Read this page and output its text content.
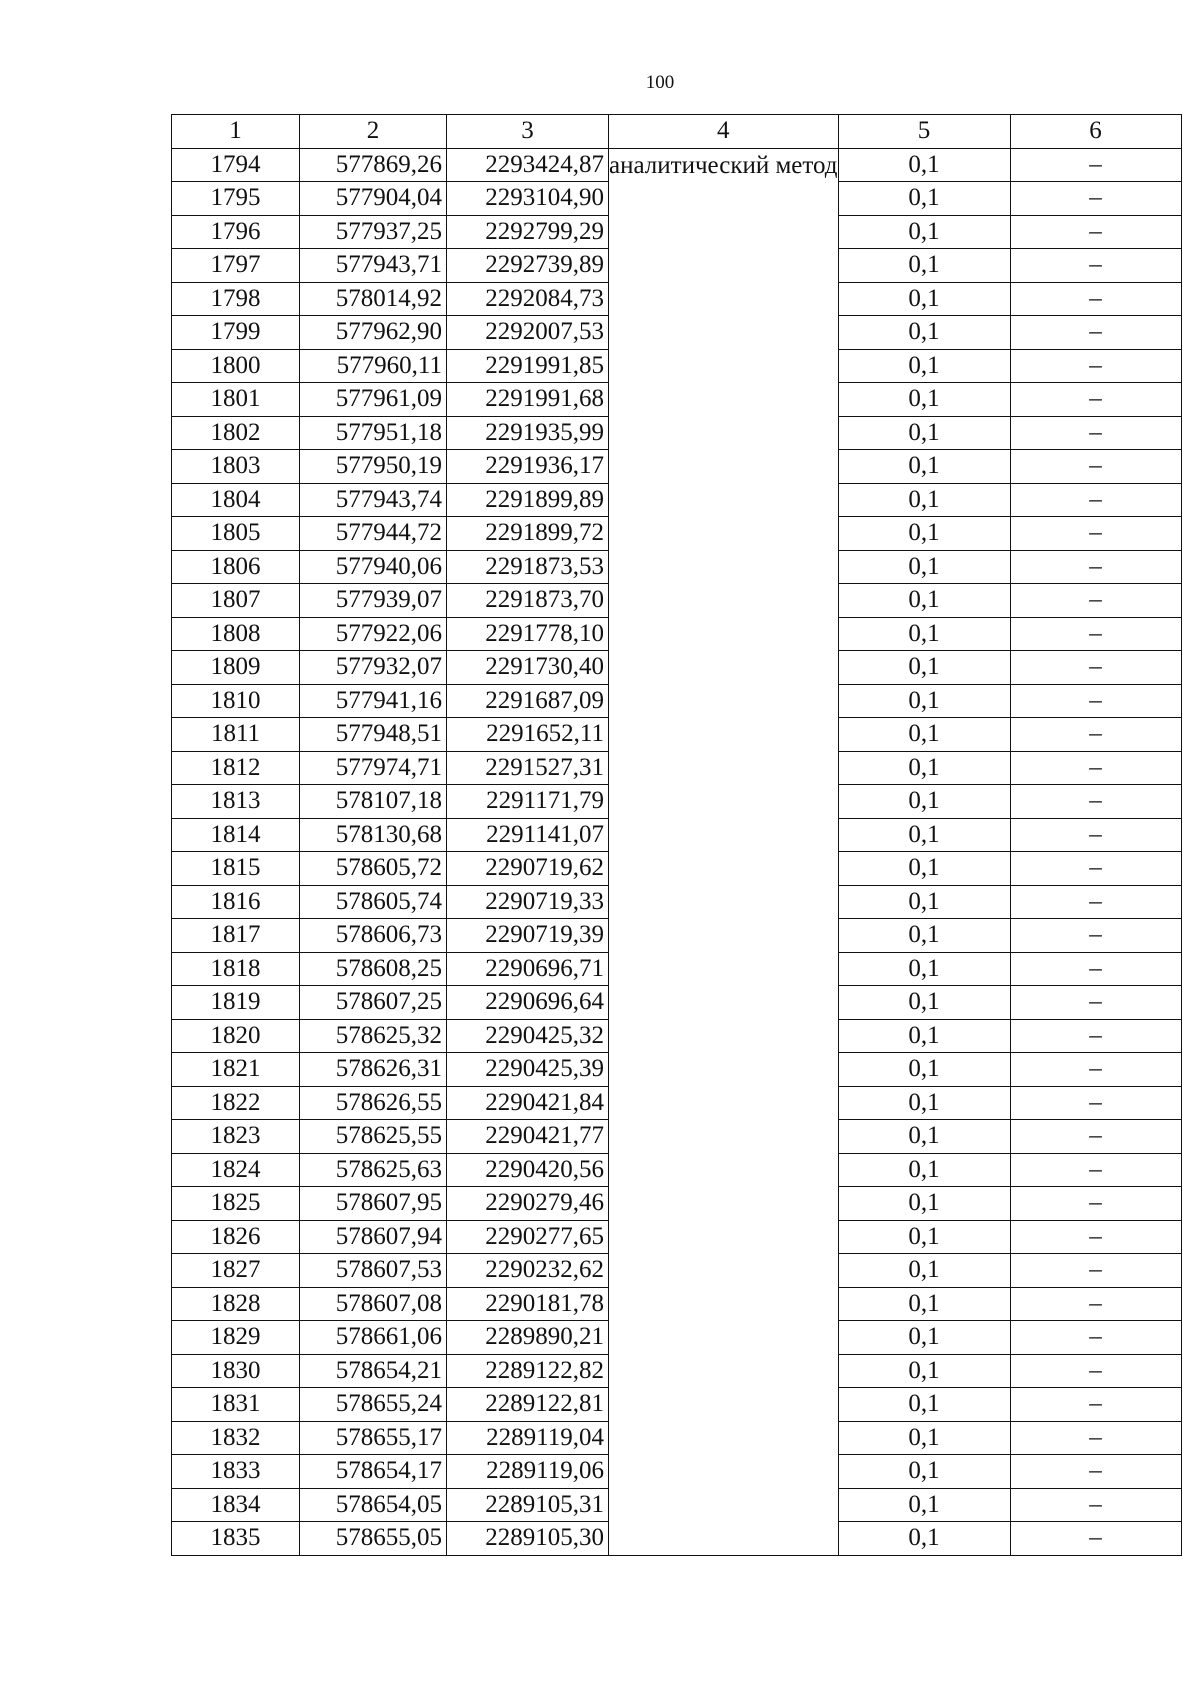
100
1	2	3	4	5	6
1794	577869,26	2293424,87	аналитический метод	0,1	–
1795	577904,04	2293104,90		0,1	–
1796	577937,25	2292799,29		0,1	–
1797	577943,71	2292739,89		0,1	–
1798	578014,92	2292084,73		0,1	–
1799	577962,90	2292007,53		0,1	–
1800	577960,11	2291991,85		0,1	–
1801	577961,09	2291991,68		0,1	–
1802	577951,18	2291935,99		0,1	–
1803	577950,19	2291936,17		0,1	–
1804	577943,74	2291899,89		0,1	–
1805	577944,72	2291899,72		0,1	–
1806	577940,06	2291873,53		0,1	–
1807	577939,07	2291873,70		0,1	–
1808	577922,06	2291778,10		0,1	–
1809	577932,07	2291730,40		0,1	–
1810	577941,16	2291687,09		0,1	–
1811	577948,51	2291652,11		0,1	–
1812	577974,71	2291527,31		0,1	–
1813	578107,18	2291171,79		0,1	–
1814	578130,68	2291141,07		0,1	–
1815	578605,72	2290719,62		0,1	–
1816	578605,74	2290719,33		0,1	–
1817	578606,73	2290719,39		0,1	–
1818	578608,25	2290696,71		0,1	–
1819	578607,25	2290696,64		0,1	–
1820	578625,32	2290425,32		0,1	–
1821	578626,31	2290425,39		0,1	–
1822	578626,55	2290421,84		0,1	–
1823	578625,55	2290421,77		0,1	–
1824	578625,63	2290420,56		0,1	–
1825	578607,95	2290279,46		0,1	–
1826	578607,94	2290277,65		0,1	–
1827	578607,53	2290232,62		0,1	–
1828	578607,08	2290181,78		0,1	–
1829	578661,06	2289890,21		0,1	–
1830	578654,21	2289122,82		0,1	–
1831	578655,24	2289122,81		0,1	–
1832	578655,17	2289119,04		0,1	–
1833	578654,17	2289119,06		0,1	–
1834	578654,05	2289105,31		0,1	–
1835	578655,05	2289105,30		0,1	–
